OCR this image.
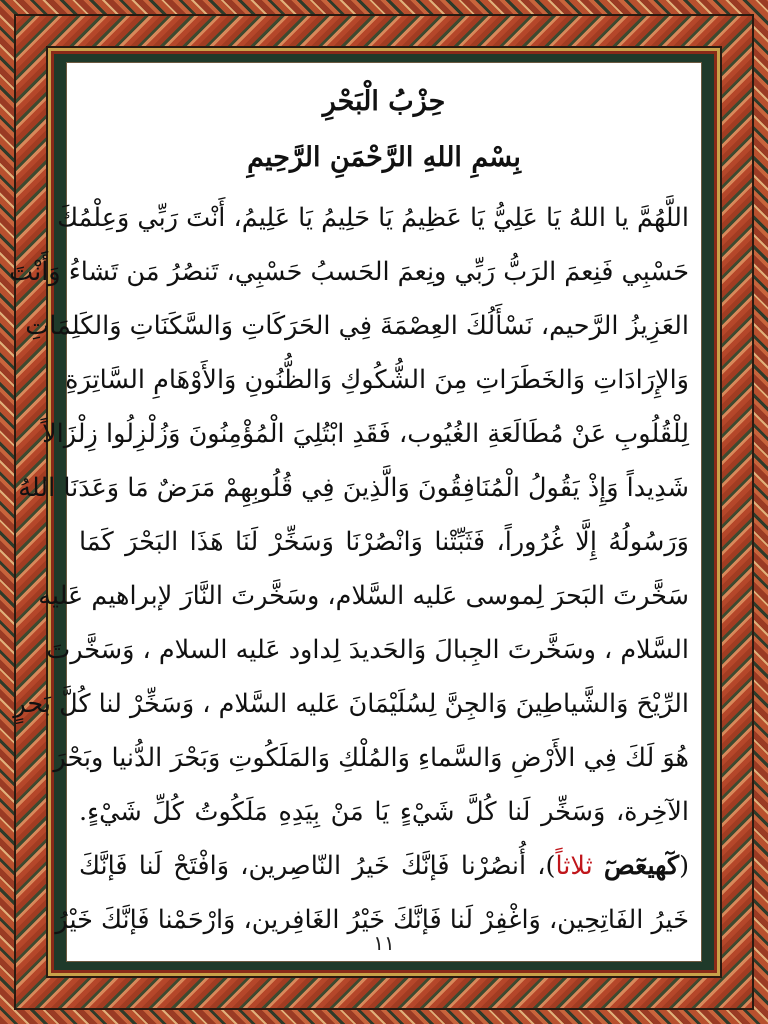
حِزْبُ الْبَحْرِ
بِسْمِ اللهِ الرَّحْمَنِ الرَّحِيمِ
اللَّهُمَّ يا اللهُ يَا عَلِيُّ يَا عَظِيمُ يَا حَلِيمُ يَا عَلِيمُ، أَنْتَ رَبِّي وَعِلْمُكَ
حَسْبِي فَنِعمَ الرَبُّ رَبِّي ونِعمَ الحَسبُ حَسْبِي، تَنصُرُ مَن تَشاءُ وَأَنْتَ
العَزِيزُ الرَّحيم، نَسْأَلُكَ العِصْمَةَ فِي الحَرَكَاتِ وَالسَّكَنَاتِ وَالكَلِمَاتِ
وَالإِرَادَاتِ وَالخَطَرَاتِ مِنَ الشُّكُوكِ وَالظُّنُونِ وَالأَوْهَامِ السَّاتِرَةِ
لِلْقُلُوبِ عَنْ مُطَالَعَةِ الغُيُوب، فَقَدِ ابْتُلِيَ الْمُؤْمِنُونَ وَزُلْزِلُوا زِلْزَالاً
شَدِيداً وَإِذْ يَقُولُ الْمُنَافِقُونَ وَالَّذِينَ فِي قُلُوبِهِمْ مَرَضٌ مَا وَعَدَنَا اللهُ
وَرَسُولُهُ إِلَّا غُرُوراً، فَثَبِّتْنا وَانْصُرْنَا وَسَخِّرْ لَنَا هَذَا البَحْرَ كَمَا
سَخَّرتَ البَحرَ لِموسى عَليه السَّلام، وسَخَّرتَ النَّارَ لإبراهيم عَليه
السَّلام ، وسَخَّرتَ الجِبالَ وَالحَديدَ لِداود عَليه السلام ، وَسَخَّرتَ
الرِّيْحَ وَالشَّياطِينَ وَالجِنَّ لِسُلَيْمَانَ عَليه السَّلام ، وَسَخِّرْ لنا كُلَّ بَحرٍ
هُوَ لَكَ فِي الأَرْضِ وَالسَّماءِ وَالمُلْكِ وَالمَلَكُوتِ وَبَحْرَ الدُّنيا وبَحْرَ
الآخِرة، وَسَخِّر لَنا كُلَّ شَيْءٍ يَا مَنْ بِيَدِهِ مَلَكُوتُ كُلِّ شَيْءٍ.
(كٓهيعٓصٓ ثلاثاً)، أُنصُرْنا فَإنَّكَ خَيرُ النّاصِرين، وَافْتَحْ لَنا فَإنَّكَ
خَيرُ الفَاتِحِين، وَاغْفِرْ لَنا فَإنَّكَ خَيْرُ الغَافِرين، وَارْحَمْنا فَإنَّكَ خَيْرُ
١١
